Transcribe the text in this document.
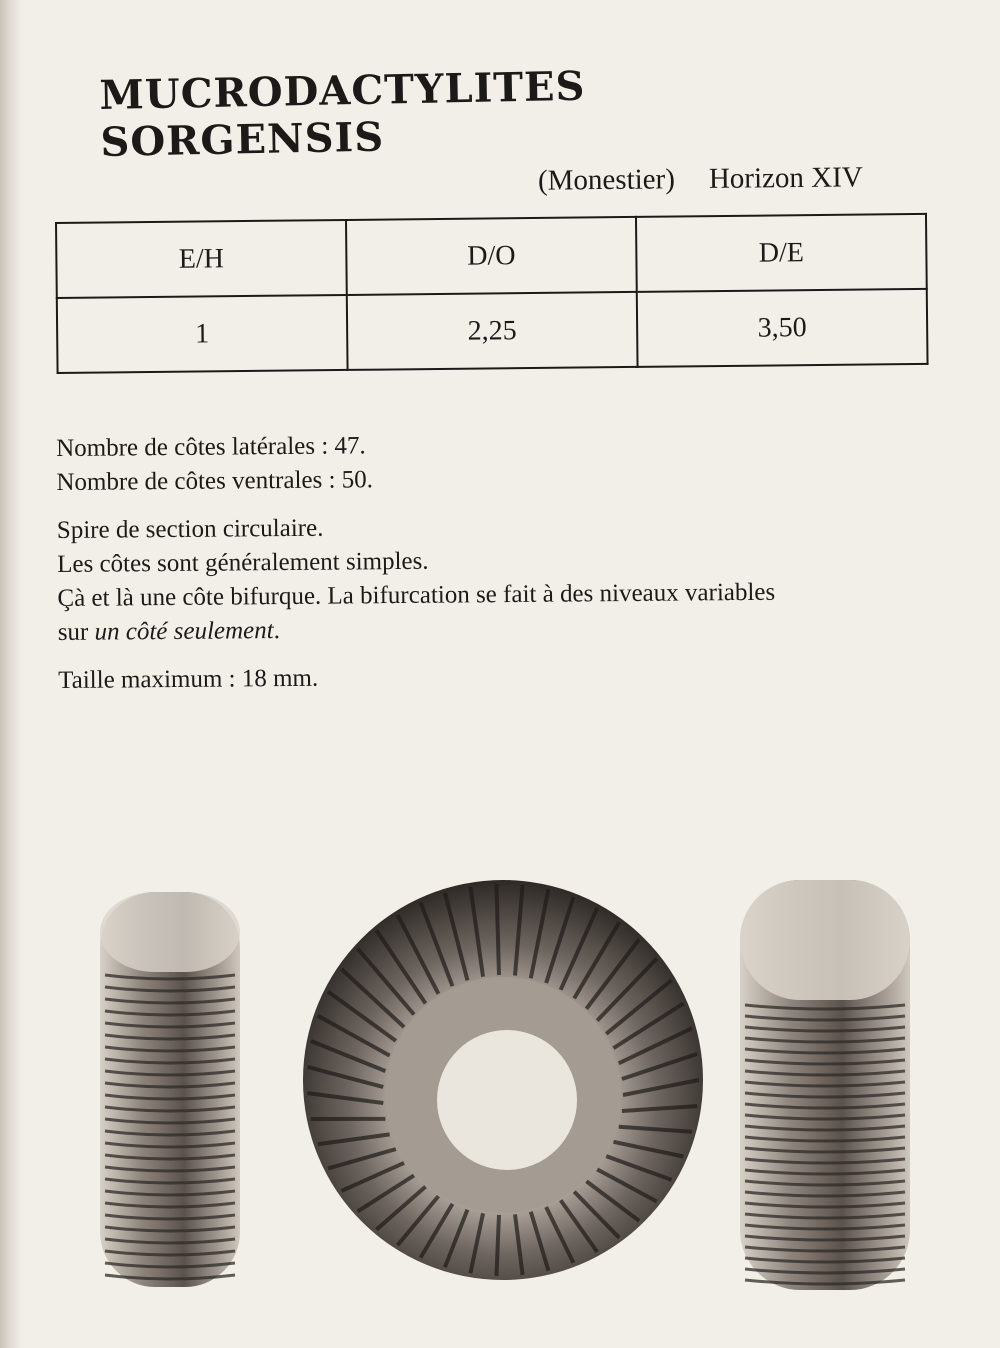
MUCRODACTYLITES SORGENSIS
(Monestier) Horizon XIV
E/H	D/O	D/E
1	2,25	3,50

Nombre de côtes latérales : 47.

Nombre de côtes ventrales : 50.

Spire de section circulaire.

Les côtes sont généralement simples.

Çà et là une côte bifurque. La bifurcation se fait à des niveaux variables

sur un côté seulement.

Taille maximum : 18 mm.
